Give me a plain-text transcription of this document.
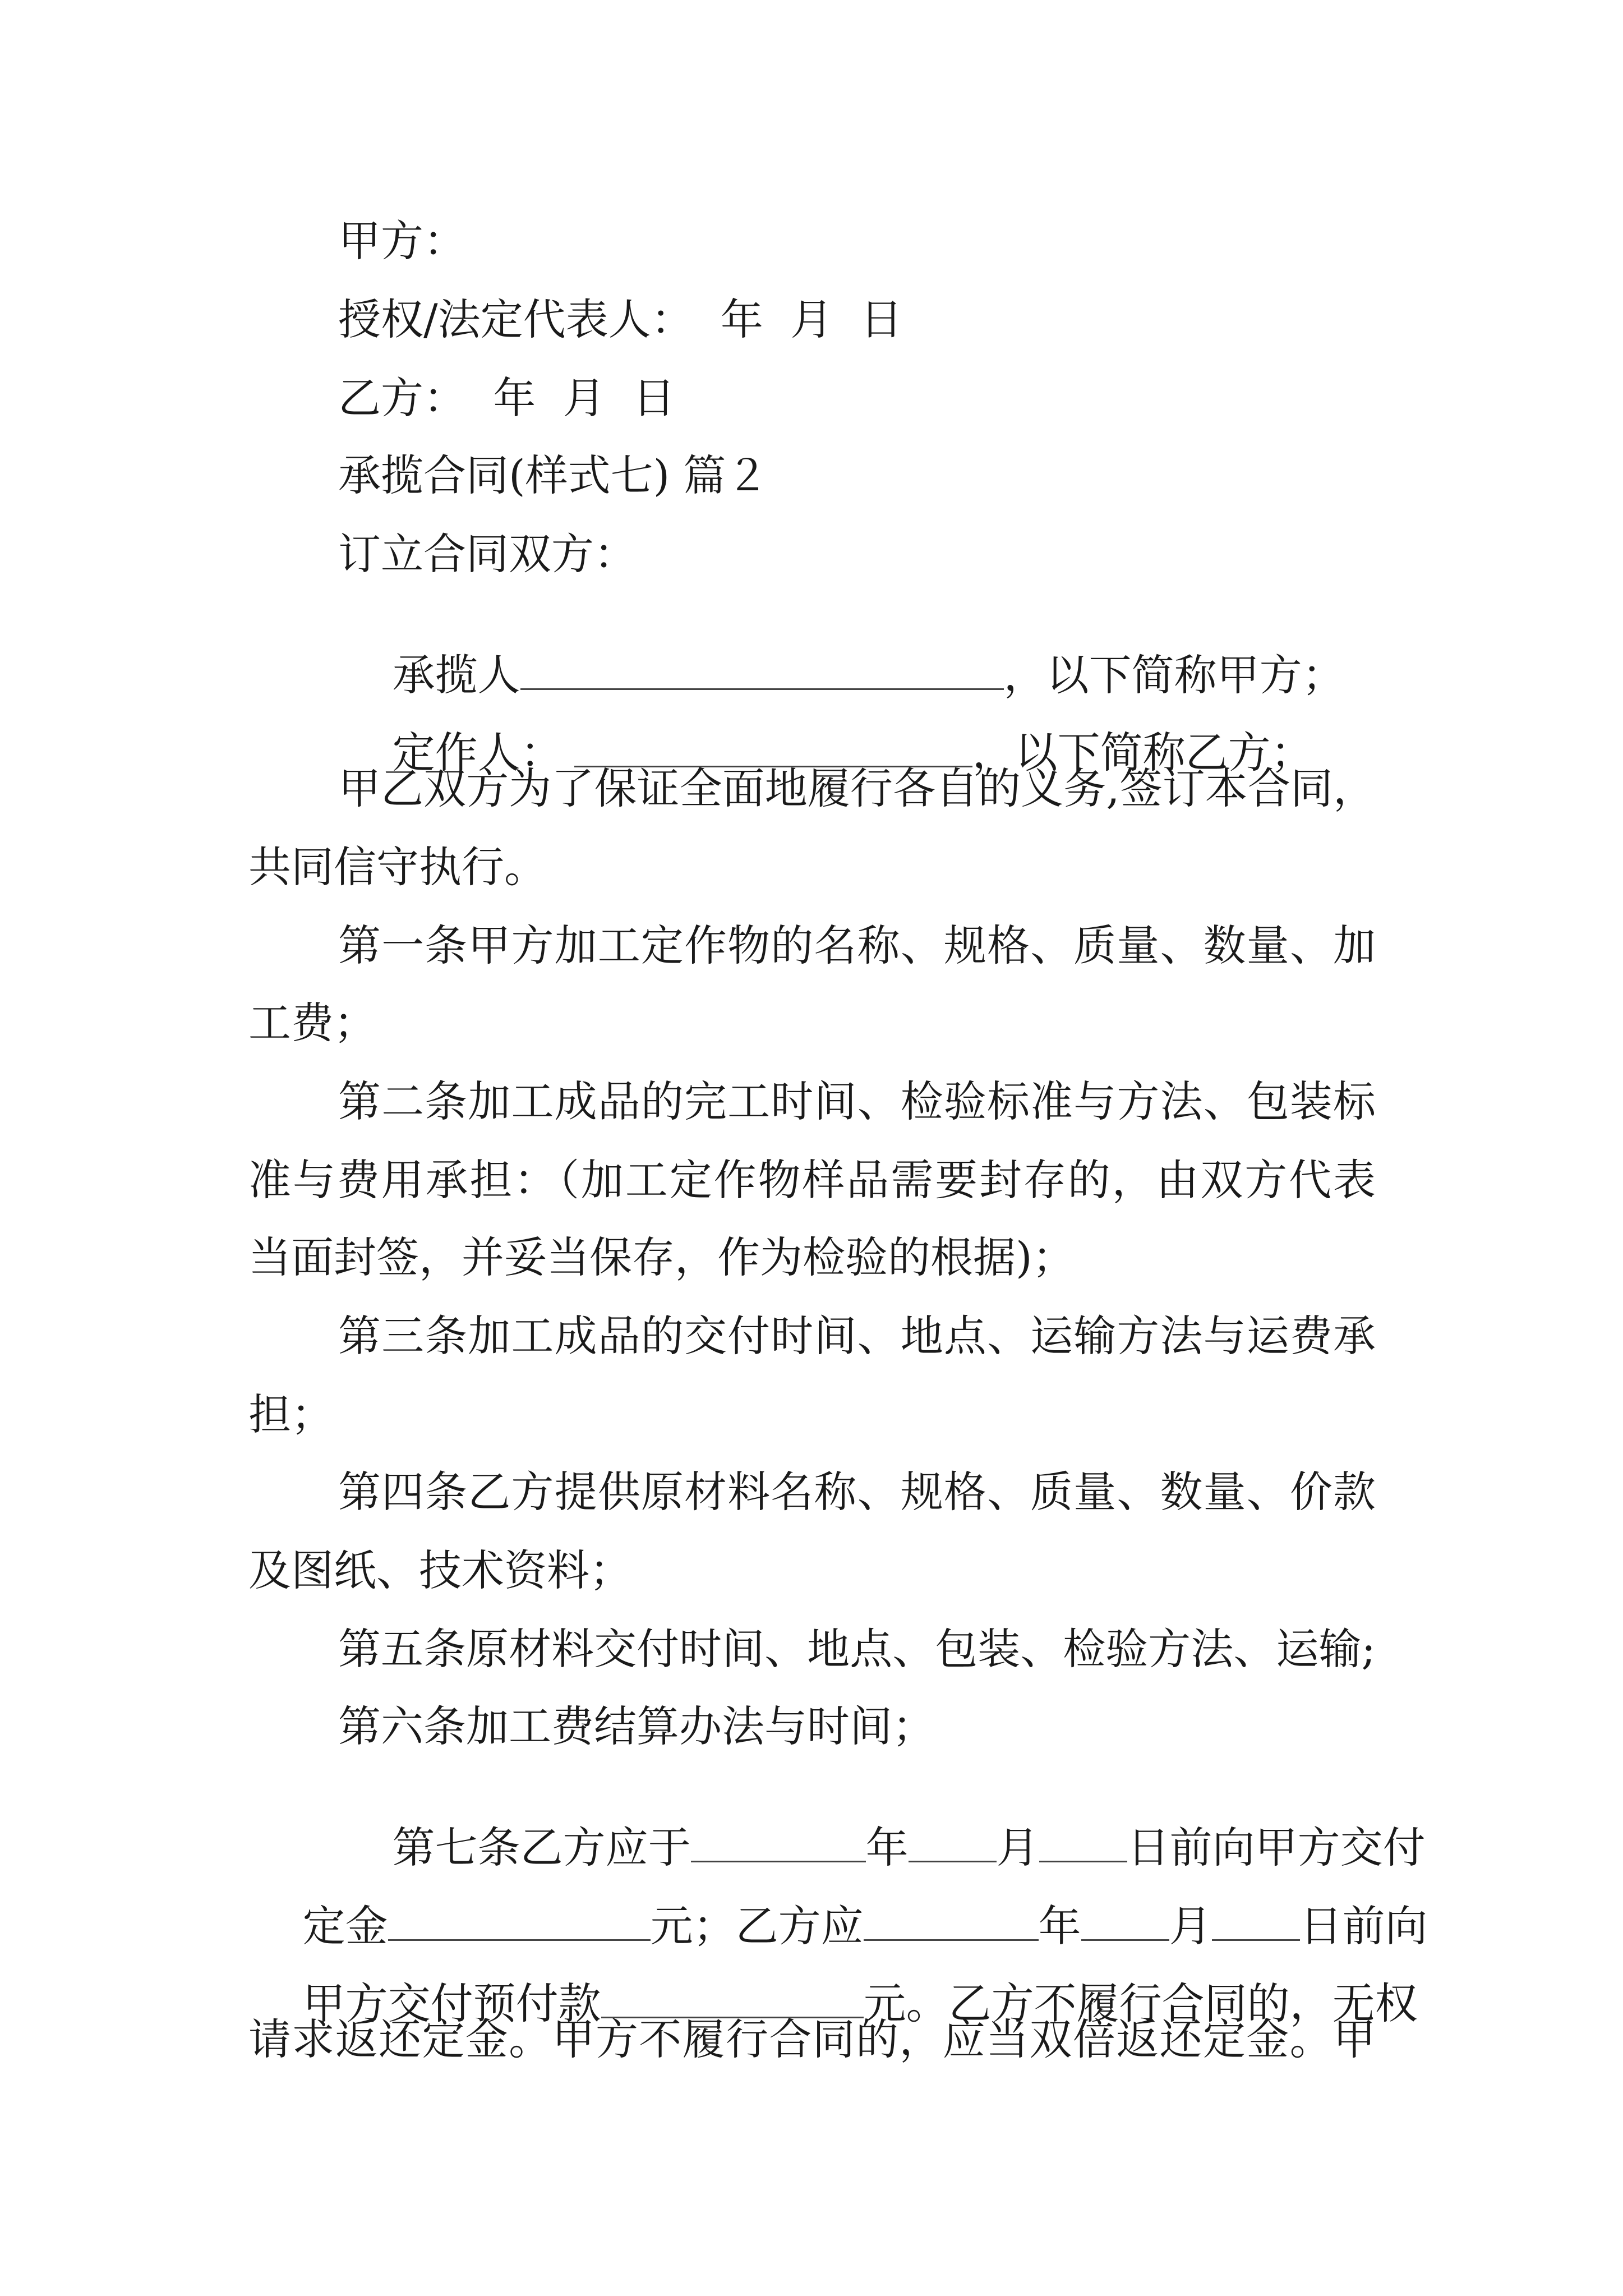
甲方：
授权/法定代表人：  年  月  日
乙方：  年  月  日
承揽合同(样式七) 篇２
订立合同双方：

承揽人	，以下简称甲方；

定作人：	，以下简称乙方；

甲乙双方为了保证全面地履行各自的义务,签订本合同，
共同信守执行。
第一条甲方加工定作物的名称、规格、质量、数量、加
工费；
第二条加工成品的完工时间、检验标准与方法、包装标
准与费用承担：（加工定作物样品需要封存的，由双方代表
当面封签，并妥当保存，作为检验的根据)；
第三条加工成品的交付时间、地点、运输方法与运费承
担；
第四条乙方提供原材料名称、规格、质量、数量、价款
及图纸、技术资料；
第五条原材料交付时间、地点、包装、检验方法、运输;
第六条加工费结算办法与时间；

第七条乙方应于	年 月 日前向甲方交付

定金	元；乙方应	年 月 日前向

甲方交付预付款	元。乙方不履行合同的，无权

请求返还定金。甲方不履行合同的，应当双倍返还定金。甲
